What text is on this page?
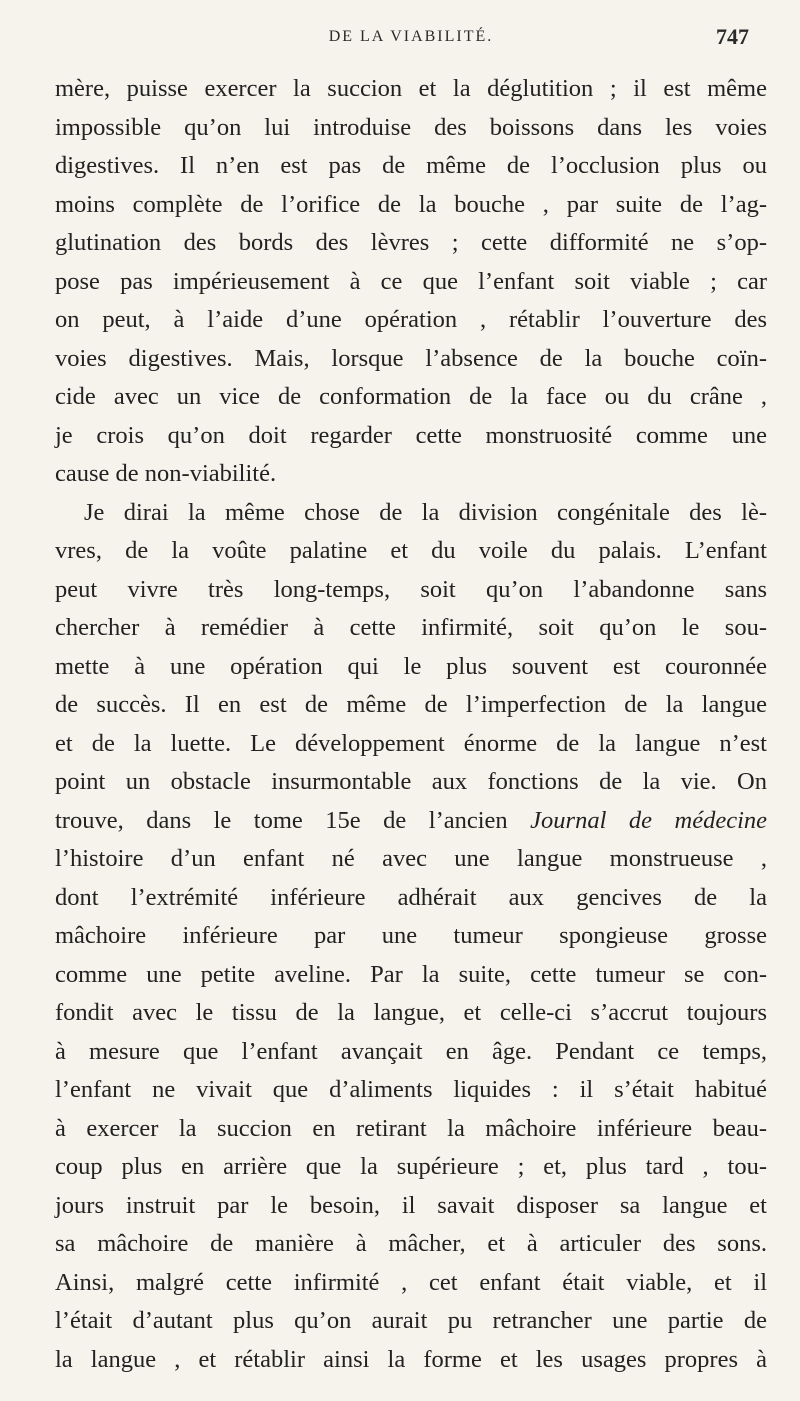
DE LA VIABILITÉ.	747
mère, puisse exercer la succion et la déglutition ; il est même
impossible qu’on lui introduise des boissons dans les voies
digestives. Il n’en est pas de même de l’occlusion plus ou
moins complète de l’orifice de la bouche , par suite de l’ag-
glutination des bords des lèvres ; cette difformité ne s’op-
pose pas impérieusement à ce que l’enfant soit viable ; car
on peut, à l’aide d’une opération , rétablir l’ouverture des
voies digestives. Mais, lorsque l’absence de la bouche coïn-
cide avec un vice de conformation de la face ou du crâne ,
je crois qu’on doit regarder cette monstruosité comme une
cause de non-viabilité.
Je dirai la même chose de la division congénitale des lè-
vres, de la voûte palatine et du voile du palais. L’enfant
peut vivre très long-temps, soit qu’on l’abandonne sans
chercher à remédier à cette infirmité, soit qu’on le sou-
mette à une opération qui le plus souvent est couronnée
de succès. Il en est de même de l’imperfection de la langue
et de la luette. Le développement énorme de la langue n’est
point un obstacle insurmontable aux fonctions de la vie. On
trouve, dans le tome 15e de l’ancien Journal de médecine
l’histoire d’un enfant né avec une langue monstrueuse ,
dont l’extrémité inférieure adhérait aux gencives de la
mâchoire inférieure par une tumeur spongieuse grosse
comme une petite aveline. Par la suite, cette tumeur se con-
fondit avec le tissu de la langue, et celle-ci s’accrut toujours
à mesure que l’enfant avançait en âge. Pendant ce temps,
l’enfant ne vivait que d’aliments liquides : il s’était habitué
à exercer la succion en retirant la mâchoire inférieure beau-
coup plus en arrière que la supérieure ; et, plus tard , tou-
jours instruit par le besoin, il savait disposer sa langue et
sa mâchoire de manière à mâcher, et à articuler des sons.
Ainsi, malgré cette infirmité , cet enfant était viable, et il
l’était d’autant plus qu’on aurait pu retrancher une partie de
la langue , et rétablir ainsi la forme et les usages propres à
